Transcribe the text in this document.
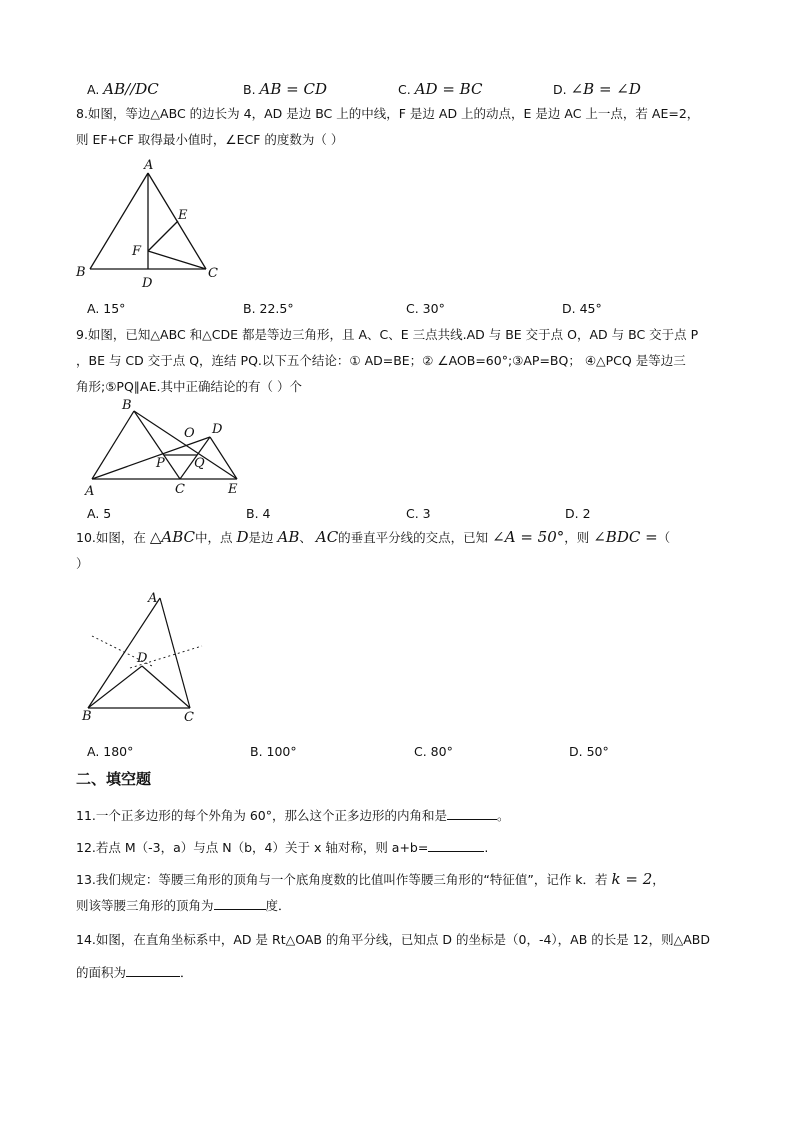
A. AB//DC	B. AB = CD	C. AD = BC	D. ∠B = ∠D
8.如图，等边△ABC 的边长为 4，AD 是边 BC 上的中线，F 是边 AD 上的动点，E 是边 AC 上一点，若 AE=2，
则 EF+CF 取得最小值时，∠ECF 的度数为（ ）
A
B	C
D
E
F
A. 15°	B. 22.5°	C. 30°	D. 45°
9.如图，已知△ABC 和△CDE 都是等边三角形，且 A、C、E 三点共线.AD 与 BE 交于点 O，AD 与 BC 交于点 P
，BE 与 CD 交于点 Q，连结 PQ.以下五个结论：① AD=BE；② ∠AOB=60°;③AP=BQ； ④△PCQ 是等边三
角形;⑤PQ∥AE.其中正确结论的有（ ）个
B
D
O
P Q
A	C	E
A. 5	B. 4	C. 3	D. 2
10.如图，在 △ABC中，点 D是边 AB、 AC的垂直平分线的交点，已知 ∠A = 50°，则 ∠BDC =（
）
A
D
B	C
A. 180°	B. 100°	C. 80°	D. 50°
二、填空题
11.一个正多边形的每个外角为 60°，那么这个正多边形的内角和是	。
12.若点 M（-3，a）与点 N（b，4）关于 x 轴对称，则 a+b=	.
13.我们规定：等腰三角形的顶角与一个底角度数的比值叫作等腰三角形的“特征值”，记作 k．若 k = 2，
则该等腰三角形的顶角为	度．
14.如图，在直角坐标系中，AD 是 Rt△OAB 的角平分线，已知点 D 的坐标是（0，-4），AB 的长是 12，则△ABD
的面积为	．
